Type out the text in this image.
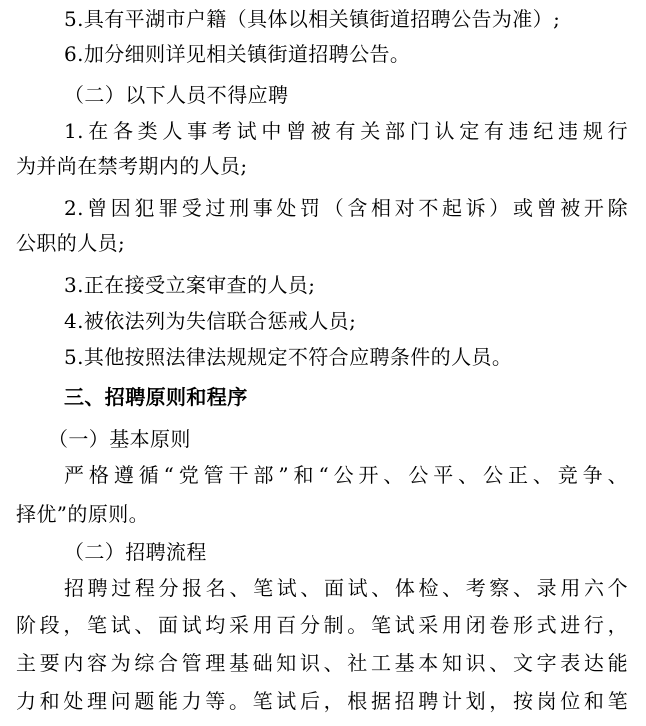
5.具有平湖市户籍（具体以相关镇街道招聘公告为准）;
6.加分细则详见相关镇街道招聘公告。
（二）以下人员不得应聘
1.在各类人事考试中曾被有关部门认定有违纪违规行
为并尚在禁考期内的人员;
2.曾因犯罪受过刑事处罚（含相对不起诉）或曾被开除
公职的人员;
3.正在接受立案审查的人员;
4.被依法列为失信联合惩戒人员;
5.其他按照法律法规规定不符合应聘条件的人员。
三、招聘原则和程序
（一）基本原则
严格遵循“党管干部”和“公开、公平、公正、竞争、
择优”的原则。
（二）招聘流程
招聘过程分报名、笔试、面试、体检、考察、录用六个
阶段，笔试、面试均采用百分制。笔试采用闭卷形式进行，
主要内容为综合管理基础知识、社工基本知识、文字表达能
力和处理问题能力等。笔试后，根据招聘计划，按岗位和笔
